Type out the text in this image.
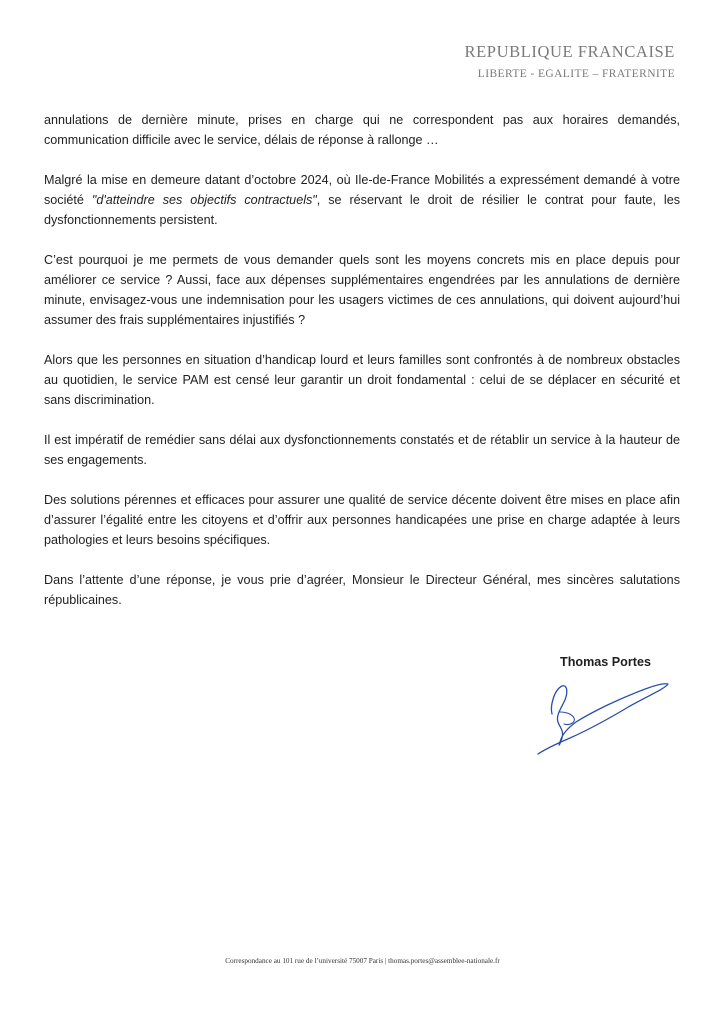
REPUBLIQUE FRANCAISE
LIBERTE - EGALITE – FRATERNITE

annulations de dernière minute, prises en charge qui ne correspondent pas aux horaires demandés, communication difficile avec le service, délais de réponse à rallonge …

Malgré la mise en demeure datant d’octobre 2024, où Ile-de-France Mobilités a expressément demandé à votre société "d'atteindre ses objectifs contractuels", se réservant le droit de résilier le contrat pour faute, les dysfonctionnements persistent.

C’est pourquoi je me permets de vous demander quels sont les moyens concrets mis en place depuis pour améliorer ce service ? Aussi, face aux dépenses supplémentaires engendrées par les annulations de dernière minute, envisagez-vous une indemnisation pour les usagers victimes de ces annulations, qui doivent aujourd’hui assumer des frais supplémentaires injustifiés ?

Alors que les personnes en situation d’handicap lourd et leurs familles sont confrontés à de nombreux obstacles au quotidien, le service PAM est censé leur garantir un droit fondamental : celui de se déplacer en sécurité et sans discrimination.

Il est impératif de remédier sans délai aux dysfonctionnements constatés et de rétablir un service à la hauteur de ses engagements.

Des solutions pérennes et efficaces pour assurer une qualité de service décente doivent être mises en place afin d’assurer l’égalité entre les citoyens et d’offrir aux personnes handicapées une prise en charge adaptée à leurs pathologies et leurs besoins spécifiques.

Dans l’attente d’une réponse, je vous prie d’agréer, Monsieur le Directeur Général, mes sincères salutations républicaines.

Thomas Portes
Correspondance au 101 rue de l’université 75007 Paris | thomas.portes@assemblee-nationale.fr
